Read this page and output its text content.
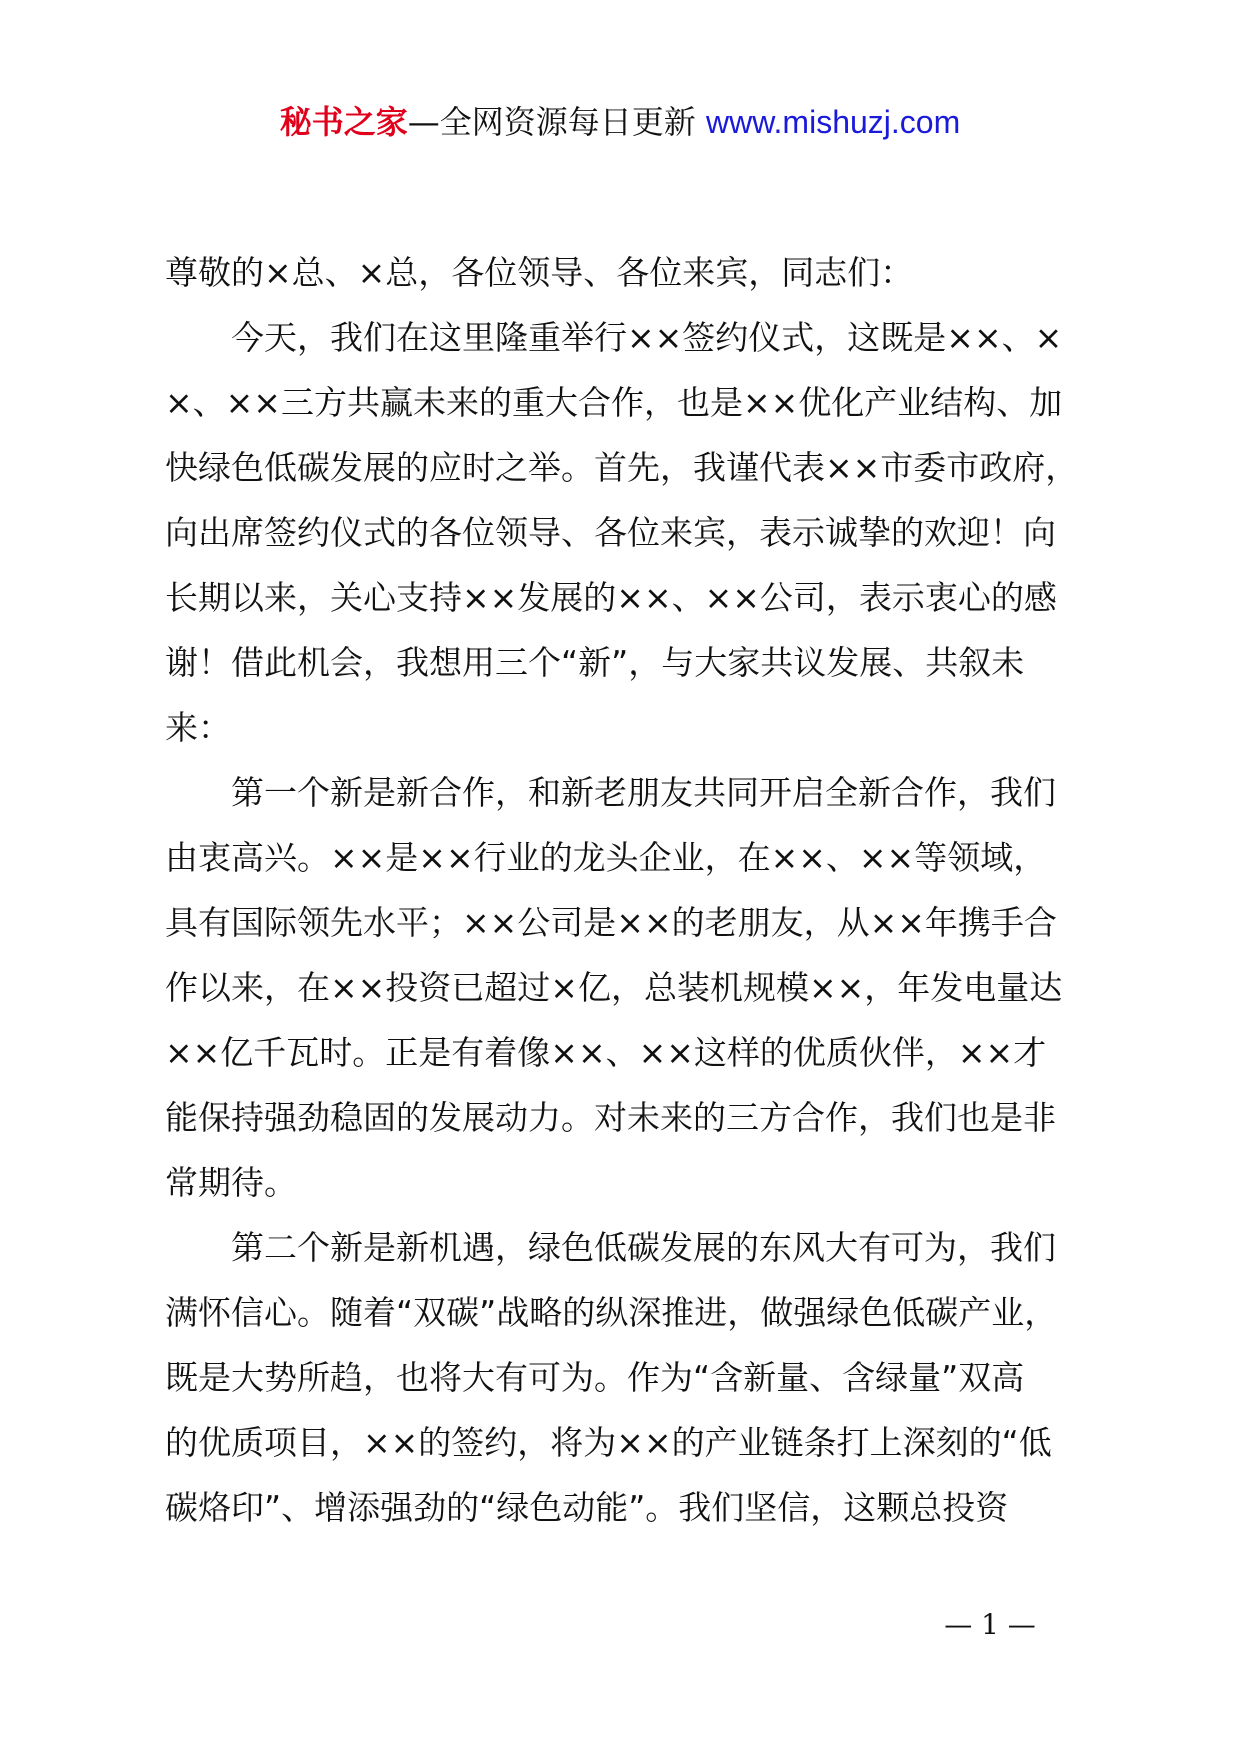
秘书之家—全网资源每日更新 www.mishuzj.com
尊敬的×总、×总，各位领导、各位来宾，同志们：
今天，我们在这里隆重举行××签约仪式，这既是××、×
×、××三方共赢未来的重大合作，也是××优化产业结构、加
快绿色低碳发展的应时之举。首先，我谨代表××市委市政府，
向出席签约仪式的各位领导、各位来宾，表示诚挚的欢迎！向
长期以来，关心支持××发展的××、××公司，表示衷心的感
谢！借此机会，我想用三个“新”，与大家共议发展、共叙未
来：
第一个新是新合作，和新老朋友共同开启全新合作，我们
由衷高兴。××是××行业的龙头企业，在××、××等领域，
具有国际领先水平；××公司是××的老朋友，从××年携手合
作以来，在××投资已超过×亿，总装机规模××，年发电量达
××亿千瓦时。正是有着像××、××这样的优质伙伴，××才
能保持强劲稳固的发展动力。对未来的三方合作，我们也是非
常期待。
第二个新是新机遇，绿色低碳发展的东风大有可为，我们
满怀信心。随着“双碳”战略的纵深推进，做强绿色低碳产业，
既是大势所趋，也将大有可为。作为“含新量、含绿量”双高
的优质项目，××的签约，将为××的产业链条打上深刻的“低
碳烙印”、增添强劲的“绿色动能”。我们坚信，这颗总投资
— 1 —
